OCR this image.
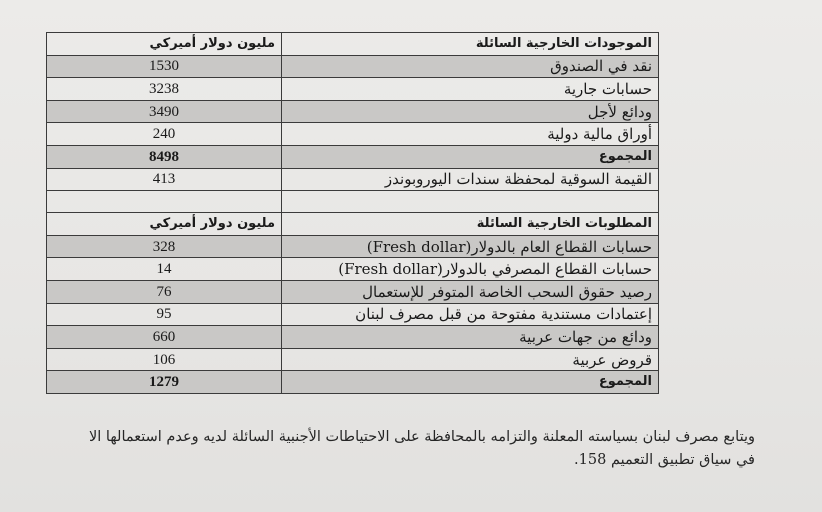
الموجودات الخارجية السائلة	مليون دولار أميركي
نقد في الصندوق	1530
حسابات جارية	3238
ودائع لأجل	3490
أوراق مالية دولية	240
المجموع	8498
القيمة السوقية لمحفظة سندات اليوروبوندز	413

المطلوبات الخارجية السائلة	مليون دولار أميركي
حسابات القطاع العام بالدولار(Fresh dollar)	328
حسابات القطاع المصرفي بالدولار(Fresh dollar)	14
رصيد حقوق السحب الخاصة المتوفر للإستعمال	76
إعتمادات مستندية مفتوحة من قبل مصرف لبنان	95
ودائع من جهات عربية	660
قروض عربية	106
المجموع	1279

ويتابع مصرف لبنان بسياسته المعلنة والتزامه بالمحافظة على الاحتياطات الأجنبية السائلة لديه وعدم استعمالها الا

في سياق تطبيق التعميم 158.
